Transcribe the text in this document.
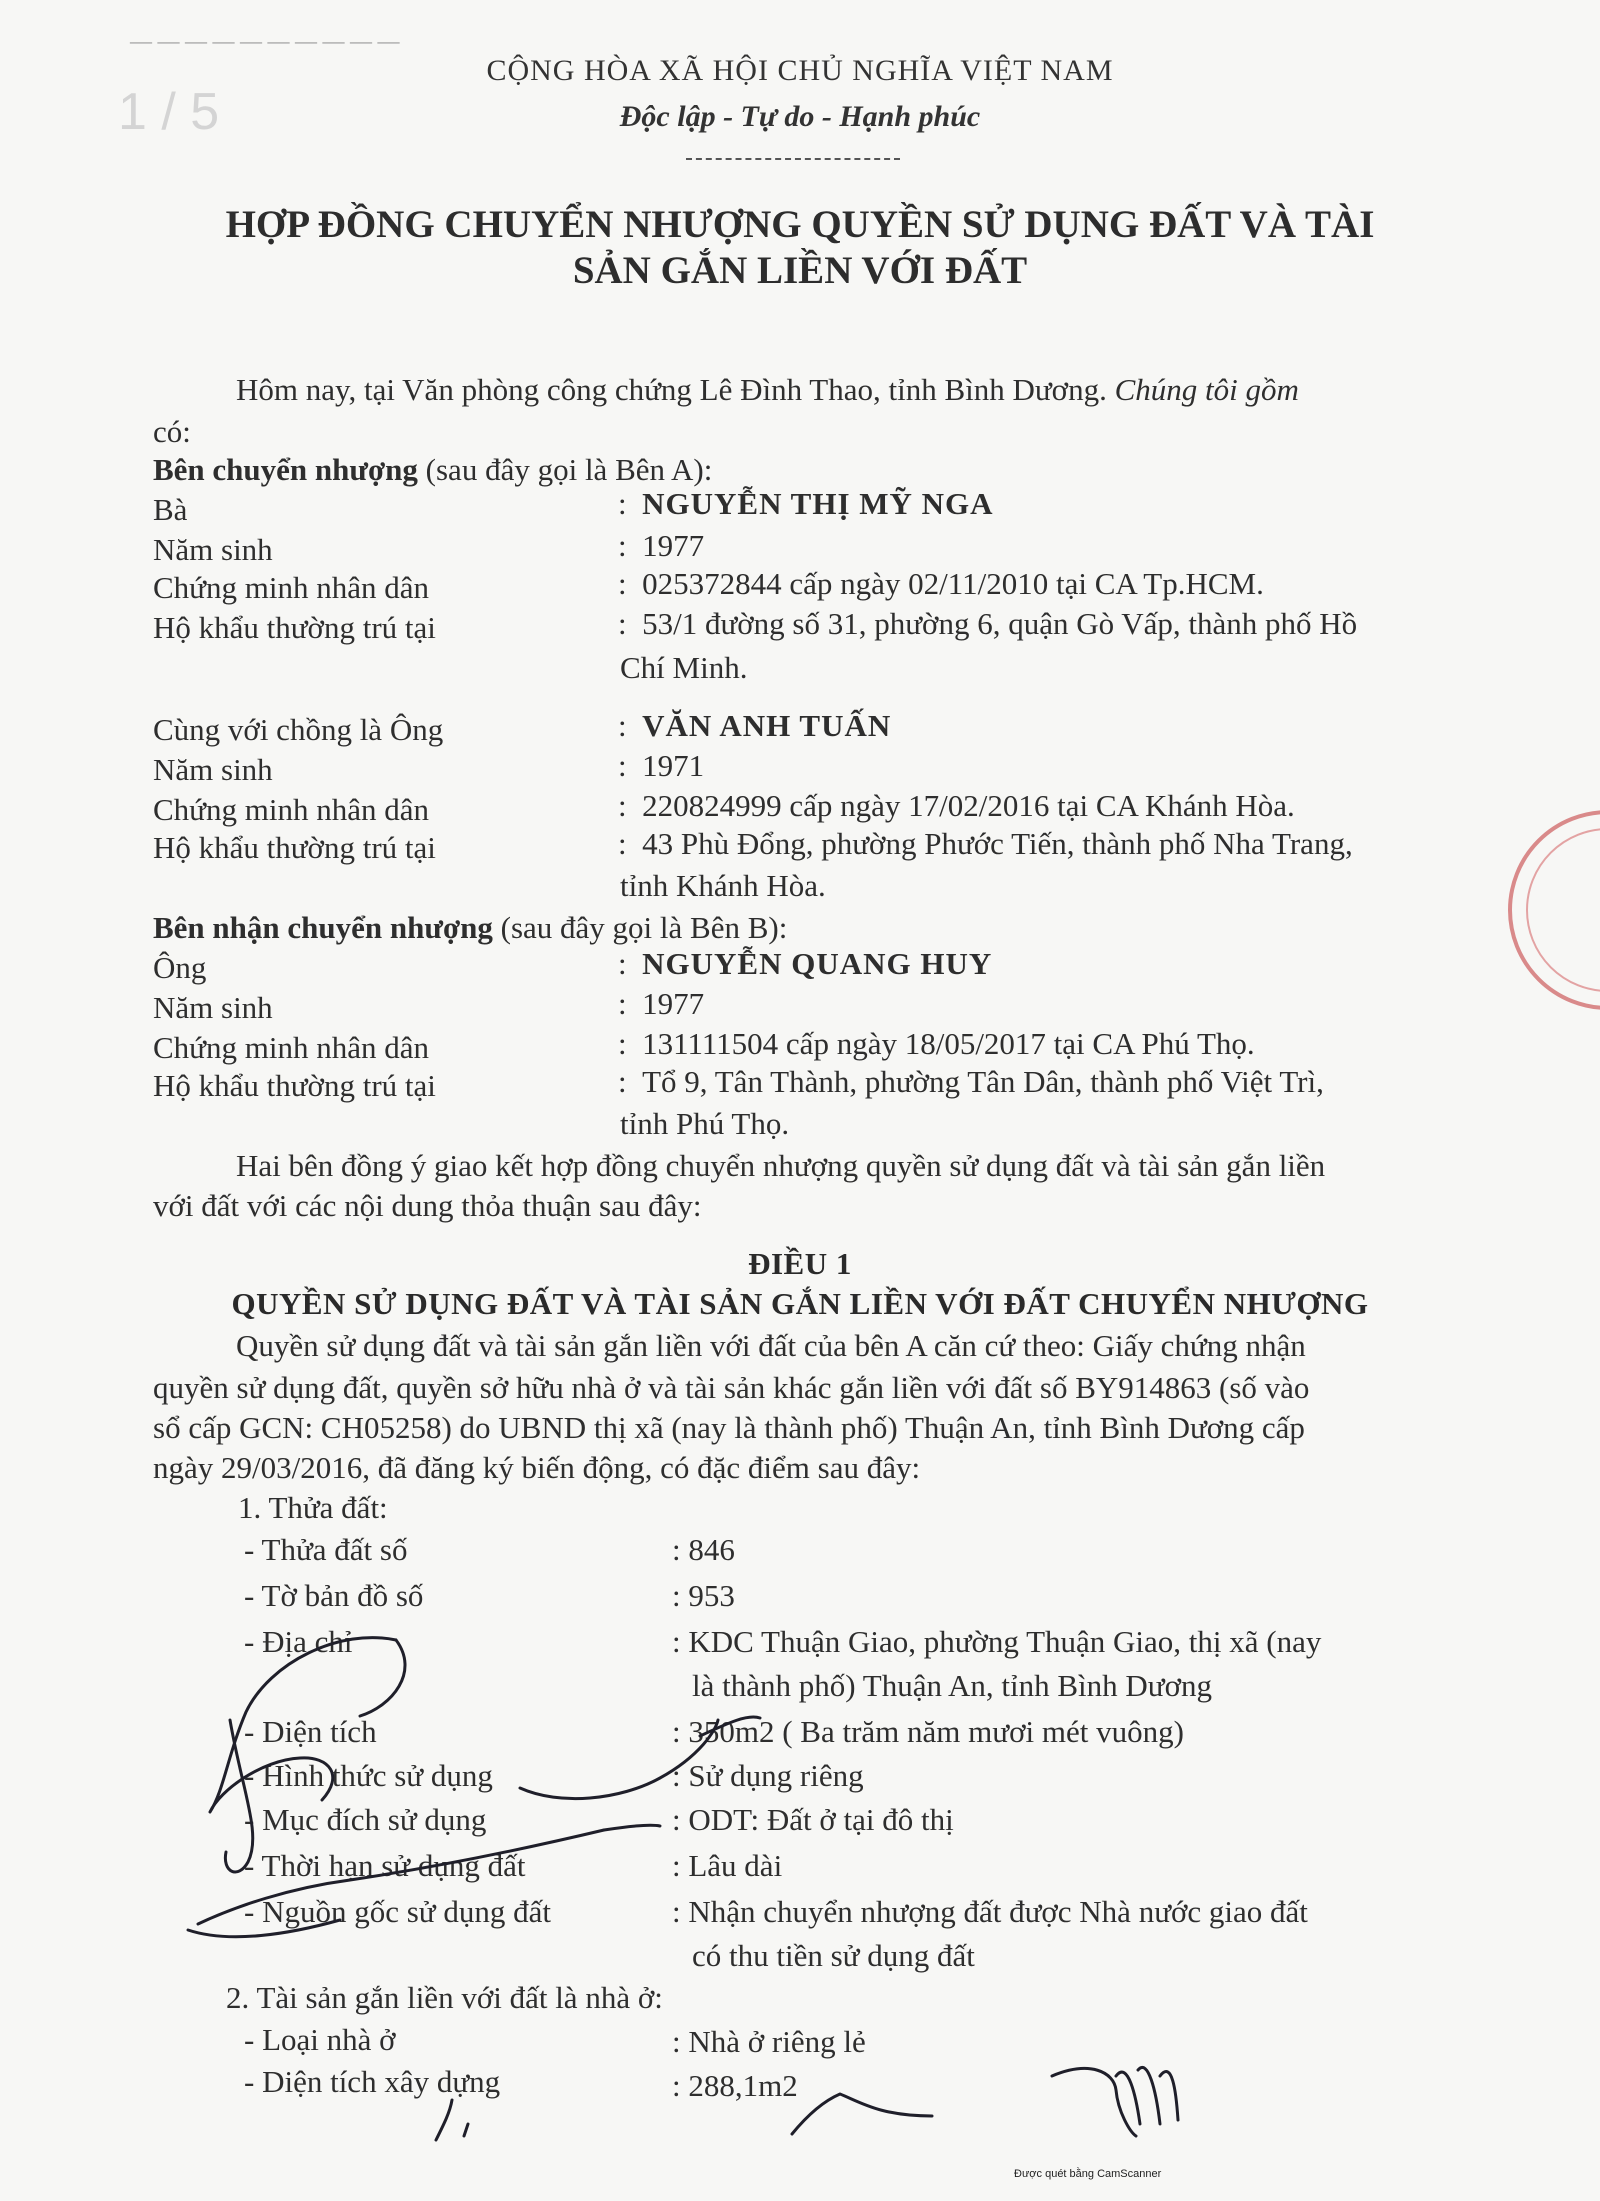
— — — — — — — — — —
1 / 5
CỘNG HÒA XÃ HỘI CHỦ NGHĨA VIỆT NAM
Độc lập - Tự do - Hạnh phúc
HỢP ĐỒNG CHUYỂN NHƯỢNG QUYỀN SỬ DỤNG ĐẤT VÀ TÀI
SẢN GẮN LIỀN VỚI ĐẤT
Hôm nay, tại Văn phòng công chứng Lê Đình Thao, tỉnh Bình Dương. Chúng tôi gồm
có:
Bên chuyển nhượng (sau đây gọi là Bên A):
Bà	:  NGUYỄN THỊ MỸ NGA
Năm sinh	:  1977
Chứng minh nhân dân	:  025372844 cấp ngày 02/11/2010 tại CA Tp.HCM.
Hộ khẩu thường trú tại	:  53/1 đường số 31, phường 6, quận Gò Vấp, thành phố Hồ
Chí Minh.
Cùng với chồng là Ông	:  VĂN ANH TUẤN
Năm sinh	:  1971
Chứng minh nhân dân	:  220824999 cấp ngày 17/02/2016 tại CA Khánh Hòa.
Hộ khẩu thường trú tại	:  43 Phù Đổng, phường Phước Tiến, thành phố Nha Trang,
tỉnh Khánh Hòa.
Bên nhận chuyển nhượng (sau đây gọi là Bên B):
Ông	:  NGUYỄN QUANG HUY
Năm sinh	:  1977
Chứng minh nhân dân	:  131111504 cấp ngày 18/05/2017 tại CA Phú Thọ.
Hộ khẩu thường trú tại	:  Tổ 9, Tân Thành, phường Tân Dân, thành phố Việt Trì,
tỉnh Phú Thọ.
Hai bên đồng ý giao kết hợp đồng chuyển nhượng quyền sử dụng đất và tài sản gắn liền
với đất với các nội dung thỏa thuận sau đây:
ĐIỀU 1
QUYỀN SỬ DỤNG ĐẤT VÀ TÀI SẢN GẮN LIỀN VỚI ĐẤT CHUYỂN NHƯỢNG
Quyền sử dụng đất và tài sản gắn liền với đất của bên A căn cứ theo: Giấy chứng nhận
quyền sử dụng đất, quyền sở hữu nhà ở và tài sản khác gắn liền với đất số BY914863 (số vào
sổ cấp GCN: CH05258) do UBND thị xã (nay là thành phố) Thuận An, tỉnh Bình Dương cấp
ngày 29/03/2016, đã đăng ký biến động, có đặc điểm sau đây:
1. Thửa đất:
- Thửa đất số	: 846
- Tờ bản đồ số	: 953
- Địa chỉ	: KDC Thuận Giao, phường Thuận Giao, thị xã (nay
là thành phố) Thuận An, tỉnh Bình Dương
- Diện tích	: 350m2 ( Ba trăm năm mươi mét vuông)
- Hình thức sử dụng	: Sử dụng riêng
- Mục đích sử dụng	: ODT: Đất ở tại đô thị
- Thời hạn sử dụng đất	: Lâu dài
- Nguồn gốc sử dụng đất	: Nhận chuyển nhượng đất được Nhà nước giao đất
có thu tiền sử dụng đất
2. Tài sản gắn liền với đất là nhà ở:
- Loại nhà ở	: Nhà ở riêng lẻ
- Diện tích xây dựng	: 288,1m2
Được quét bằng CamScanner
